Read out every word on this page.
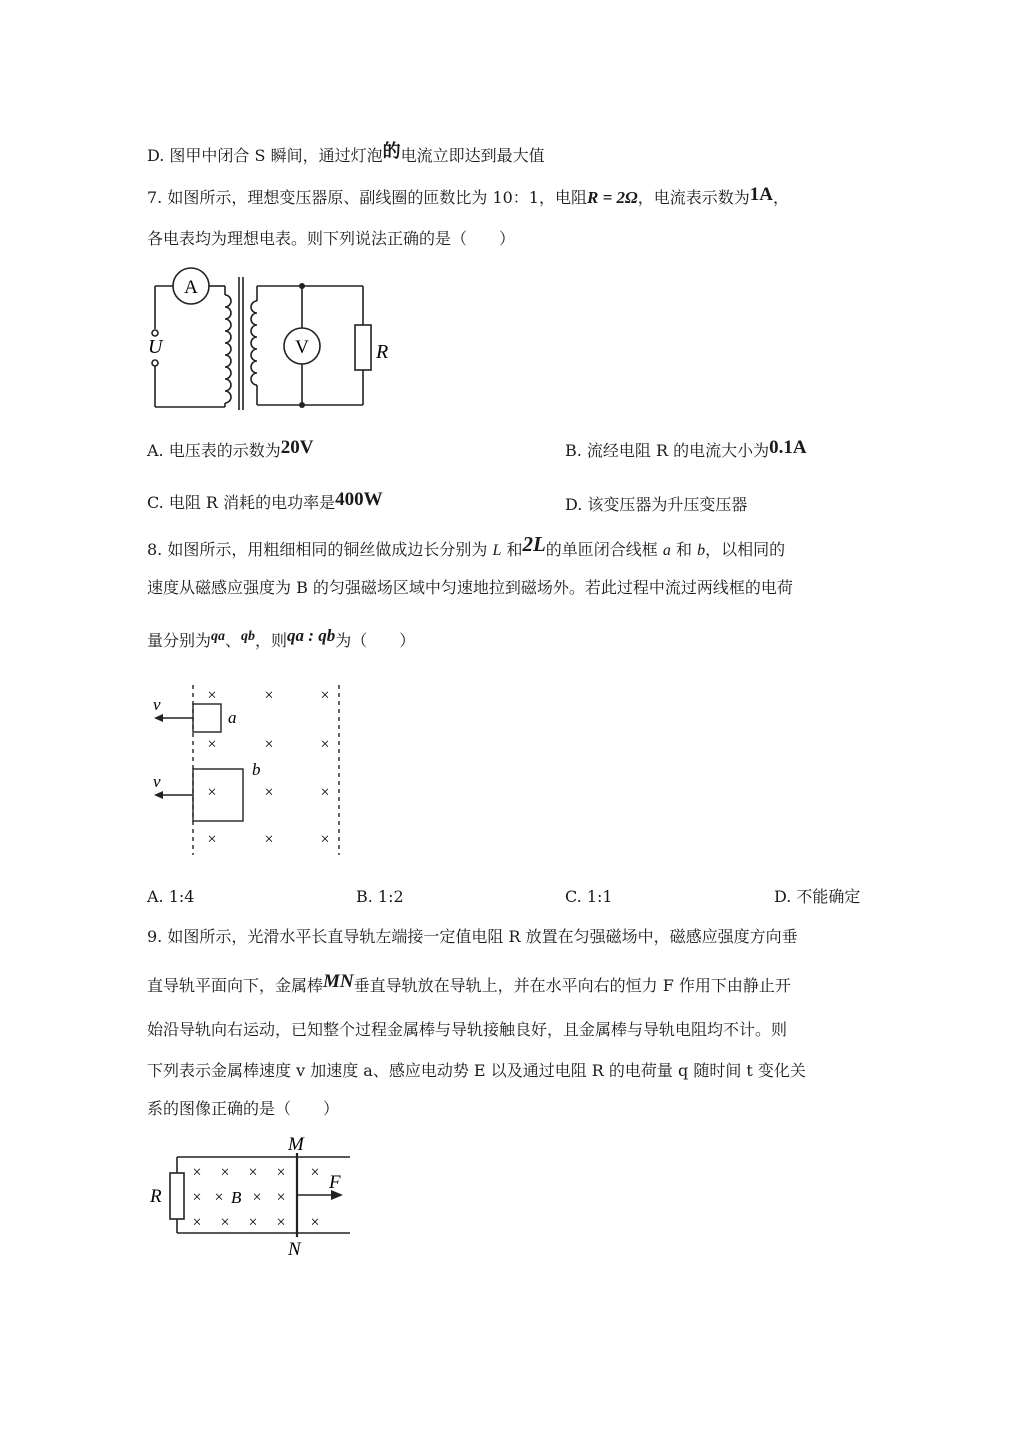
D. 图甲中闭合 S 瞬间，通过灯泡的电流立即达到最大值
7. 如图所示，理想变压器原、副线圈的匝数比为 10：1，电阻R = 2Ω，电流表示数为1A，
各电表均为理想电表。则下列说法正确的是（　　）
A
V
U	R
A. 电压表的示数为20V	B. 流经电阻 R 的电流大小为0.1A
C. 电阻 R 消耗的电功率是400W	D. 该变压器为升压变压器
8. 如图所示，用粗细相同的铜丝做成边长分别为 L 和2L的单匝闭合线框 a 和 b，以相同的
速度从磁感应强度为 B 的匀强磁场区域中匀速地拉到磁场外。若此过程中流过两线框的电荷
量分别为qa、qb，则qa : qb为（　　）
v
v
a
b
×	×	×
×	×	×
×	×	×
×	×	×
A. 1:4	B. 1:2	C. 1:1	D. 不能确定
9. 如图所示，光滑水平长直导轨左端接一定值电阻 R 放置在匀强磁场中，磁感应强度方向垂
直导轨平面向下，金属棒MN垂直导轨放在导轨上，并在水平向右的恒力 F 作用下由静止开
始沿导轨向右运动，已知整个过程金属棒与导轨接触良好，且金属棒与导轨电阻均不计。则
下列表示金属棒速度 v 加速度 a、感应电动势 E 以及通过电阻 R 的电荷量 q 随时间 t 变化关
系的图像正确的是（　　）
R
M
N
F
B
× × × × ×
× × × ×
× × × × ×
